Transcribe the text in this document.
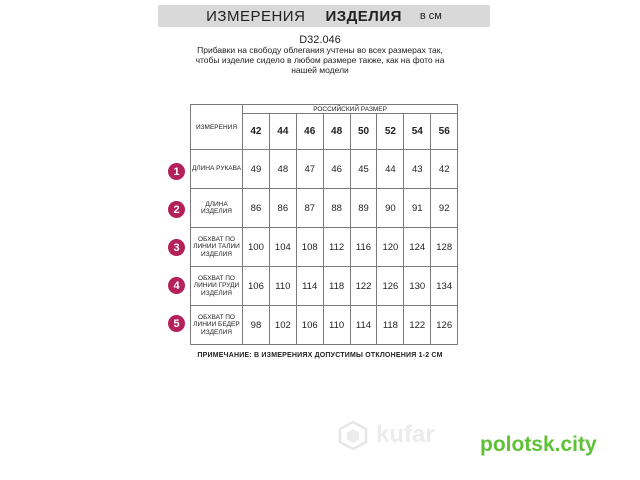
ИЗМЕРЕНИЯ ИЗДЕЛИЯ в см
D32.046
Прибавки на свободу облегания учтены во всех размерах так, чтобы изделие сидело в любом размере также, как на фото на нашей модели
ИЗМЕРЕНИЯ	РОССИЙСКИЙ РАЗМЕР							
	42	44	46	48	50	52	54	56
ДЛИНА РУКАВА	49	48	47	46	45	44	43	42
ДЛИНА ИЗДЕЛИЯ	86	86	87	88	89	90	91	92
ОБХВАТ ПО ЛИНИИ ТАЛИИ ИЗДЕЛИЯ	100	104	108	112	116	120	124	128
ОБХВАТ ПО ЛИНИИ ГРУДИ ИЗДЕЛИЯ	106	110	114	118	122	126	130	134
ОБХВАТ ПО ЛИНИИ БЕДЕР ИЗДЕЛИЯ	98	102	106	110	114	118	122	126
1
2
3
4
5
ПРИМЕЧАНИЕ: В ИЗМЕРЕНИЯХ ДОПУСТИМЫ ОТКЛОНЕНИЯ 1-2 СМ
kufar polotsk.city
